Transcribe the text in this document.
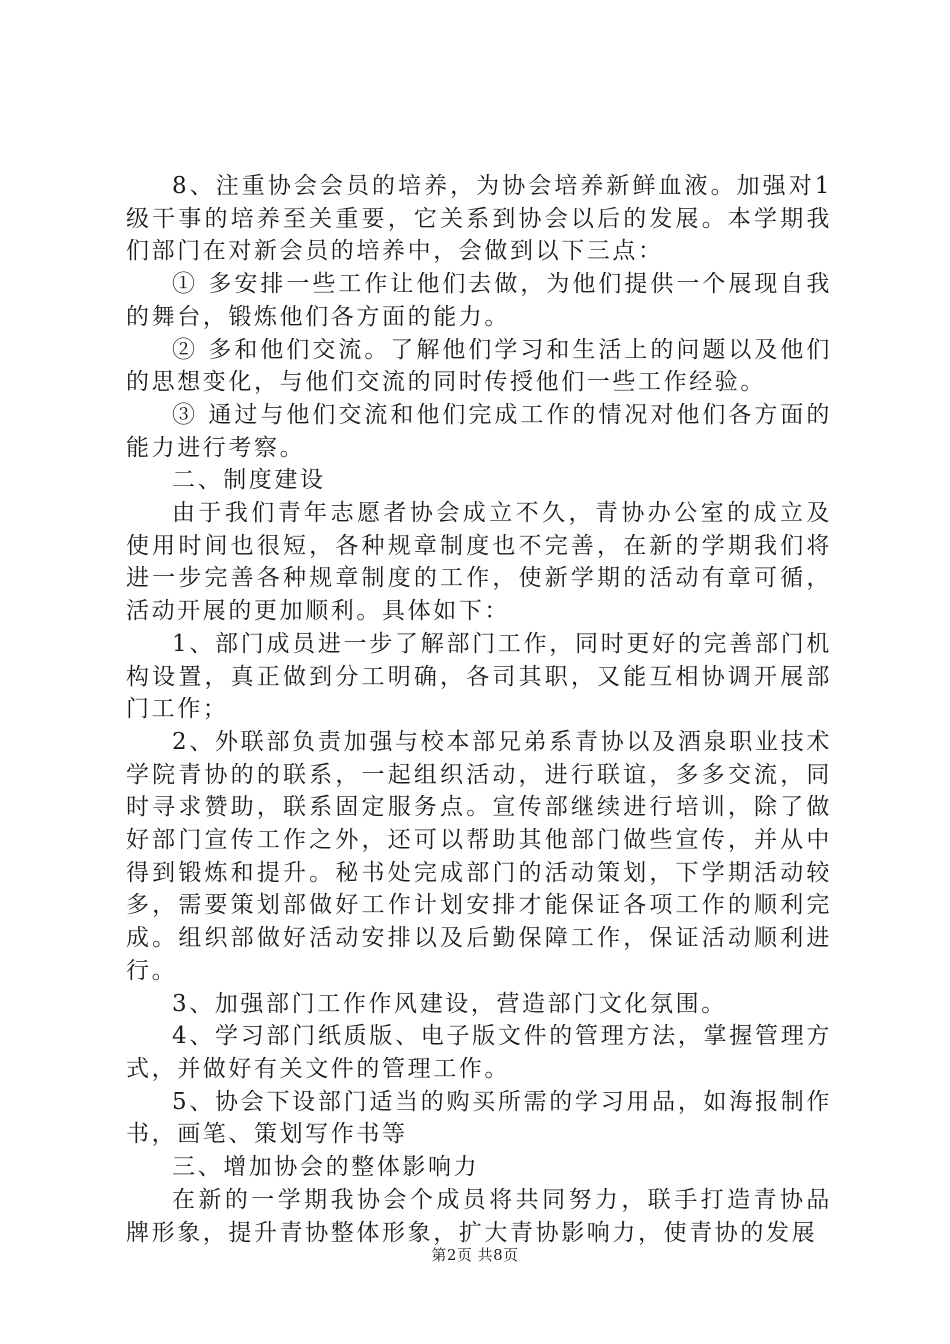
8、注重协会会员的培养，为协会培养新鲜血液。加强对1级干事的培养至关重要，它关系到协会以后的发展。本学期我们部门在对新会员的培养中，会做到以下三点：

① 多安排一些工作让他们去做，为他们提供一个展现自我的舞台，锻炼他们各方面的能力。

② 多和他们交流。了解他们学习和生活上的问题以及他们的思想变化，与他们交流的同时传授他们一些工作经验。

③ 通过与他们交流和他们完成工作的情况对他们各方面的能力进行考察。

二、制度建设

由于我们青年志愿者协会成立不久，青协办公室的成立及使用时间也很短，各种规章制度也不完善，在新的学期我们将进一步完善各种规章制度的工作，使新学期的活动有章可循，活动开展的更加顺利。具体如下：

1、部门成员进一步了解部门工作，同时更好的完善部门机构设置，真正做到分工明确，各司其职，又能互相协调开展部门工作；

2、外联部负责加强与校本部兄弟系青协以及酒泉职业技术学院青协的的联系，一起组织活动，进行联谊，多多交流，同时寻求赞助，联系固定服务点。宣传部继续进行培训，除了做好部门宣传工作之外，还可以帮助其他部门做些宣传，并从中得到锻炼和提升。秘书处完成部门的活动策划，下学期活动较多，需要策划部做好工作计划安排才能保证各项工作的顺利完成。组织部做好活动安排以及后勤保障工作，保证活动顺利进行。

3、加强部门工作作风建设，营造部门文化氛围。

4、学习部门纸质版、电子版文件的管理方法，掌握管理方式，并做好有关文件的管理工作。

5、协会下设部门适当的购买所需的学习用品，如海报制作书，画笔、策划写作书等

三、增加协会的整体影响力

在新的一学期我协会个成员将共同努力，联手打造青协品牌形象，提升青协整体形象，扩大青协影响力，使青协的发展

第2页 共8页
